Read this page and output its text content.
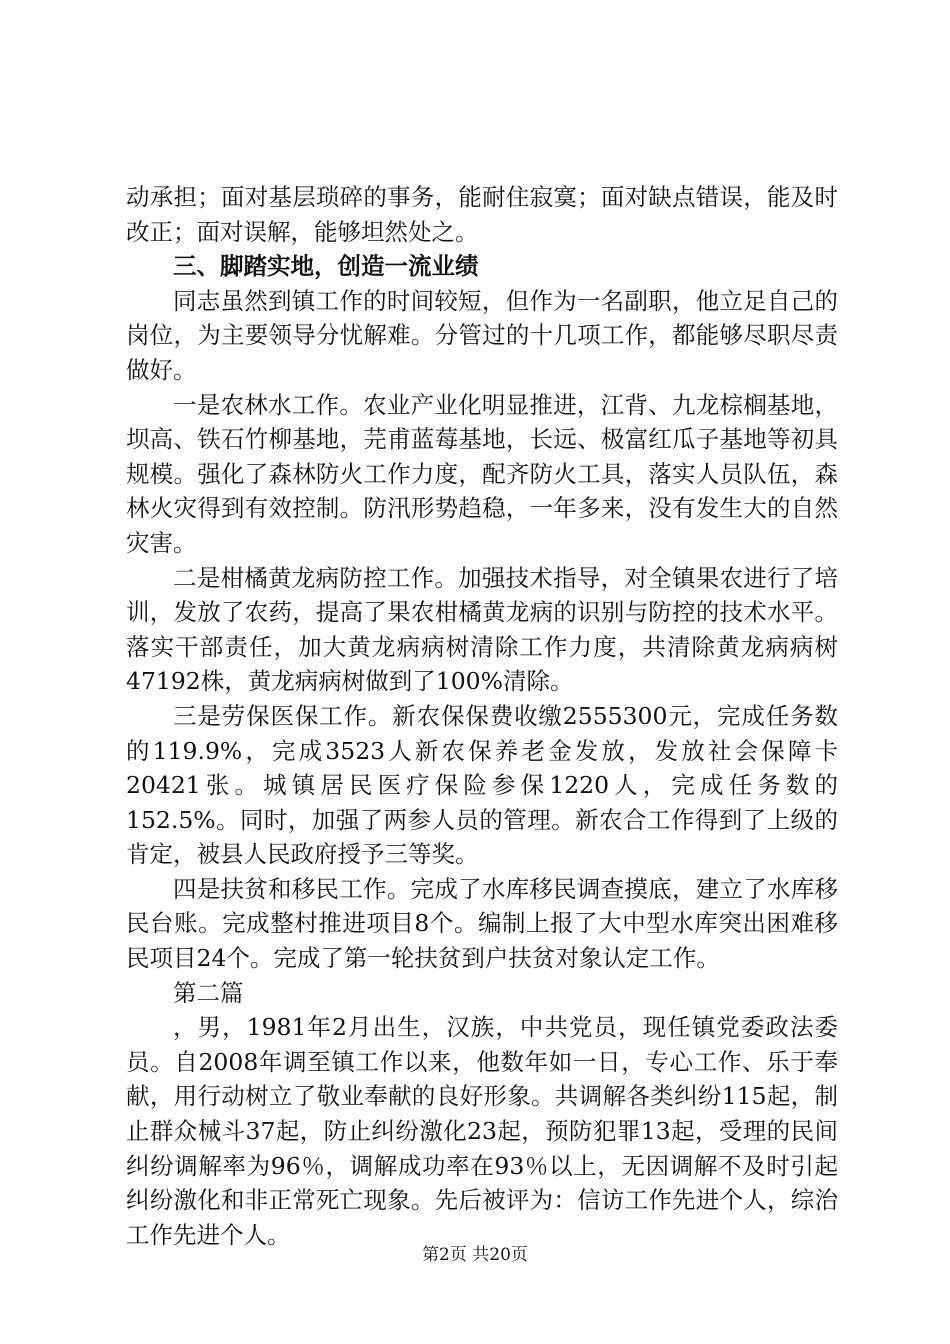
动承担；面对基层琐碎的事务，能耐住寂寞；面对缺点错误，能及时改正；面对误解，能够坦然处之。

三、脚踏实地，创造一流业绩

同志虽然到镇工作的时间较短，但作为一名副职，他立足自己的岗位，为主要领导分忧解难。分管过的十几项工作，都能够尽职尽责做好。

一是农林水工作。农业产业化明显推进，江背、九龙棕榈基地，坝高、铁石竹柳基地，芫甫蓝莓基地，长远、极富红瓜子基地等初具规模。强化了森林防火工作力度，配齐防火工具，落实人员队伍，森林火灾得到有效控制。防汛形势趋稳，一年多来，没有发生大的自然灾害。

二是柑橘黄龙病防控工作。加强技术指导，对全镇果农进行了培训，发放了农药，提高了果农柑橘黄龙病的识别与防控的技术水平。落实干部责任，加大黄龙病病树清除工作力度，共清除黄龙病病树47192株，黄龙病病树做到了100%清除。

三是劳保医保工作。新农保保费收缴2555300元，完成任务数的119.9%，完成3523人新农保养老金发放，发放社会保障卡20421张。城镇居民医疗保险参保1220人，完成任务数的152.5%。同时，加强了两参人员的管理。新农合工作得到了上级的肯定，被县人民政府授予三等奖。

四是扶贫和移民工作。完成了水库移民调查摸底，建立了水库移民台账。完成整村推进项目8个。编制上报了大中型水库突出困难移民项目24个。完成了第一轮扶贫到户扶贫对象认定工作。

第二篇

，男，1981年2月出生，汉族，中共党员，现任镇党委政法委员。自2008年调至镇工作以来，他数年如一日，专心工作、乐于奉献，用行动树立了敬业奉献的良好形象。共调解各类纠纷115起，制止群众械斗37起，防止纠纷激化23起，预防犯罪13起，受理的民间纠纷调解率为96％，调解成功率在93％以上，无因调解不及时引起纠纷激化和非正常死亡现象。先后被评为：信访工作先进个人，综治工作先进个人。

第2页 共20页
